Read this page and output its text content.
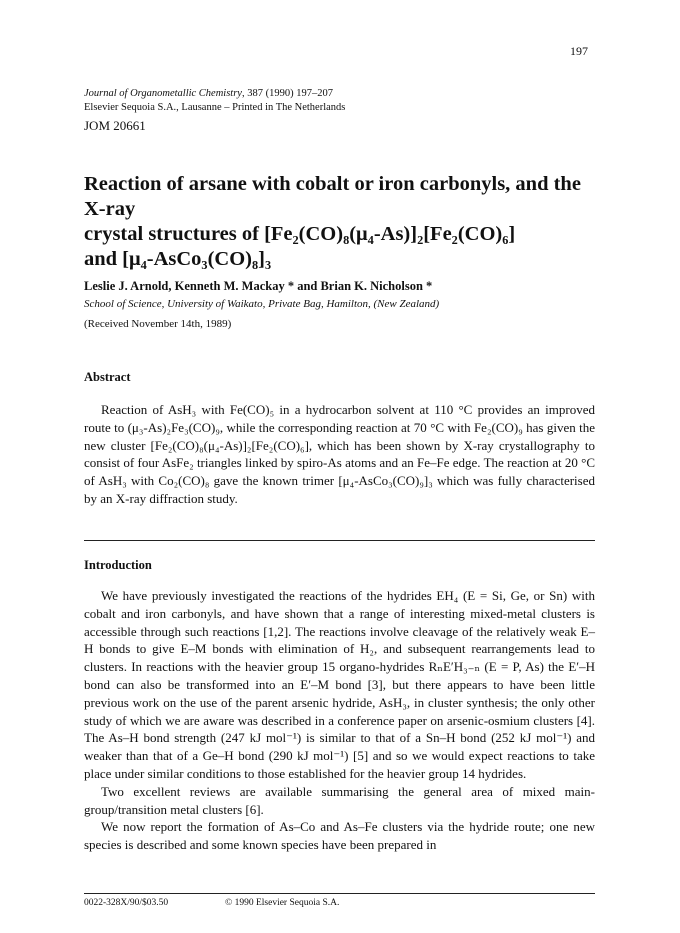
197
Journal of Organometallic Chemistry, 387 (1990) 197–207
Elsevier Sequoia S.A., Lausanne – Printed in The Netherlands
JOM 20661
Reaction of arsane with cobalt or iron carbonyls, and the X-ray
crystal structures of [Fe₂(CO)₈(μ₄-As)]₂[Fe₂(CO)₆]
and [μ₄-AsCo₃(CO)₈]₃
Leslie J. Arnold, Kenneth M. Mackay * and Brian K. Nicholson *
School of Science, University of Waikato, Private Bag, Hamilton, (New Zealand)
(Received November 14th, 1989)
Abstract

Reaction of AsH₃ with Fe(CO)₅ in a hydrocarbon solvent at 110 °C provides an improved route to (μ₃-As)₂Fe₃(CO)₉, while the corresponding reaction at 70 °C with Fe₂(CO)₉ has given the new cluster [Fe₂(CO)₈(μ₄-As)]₂[Fe₂(CO)₆], which has been shown by X-ray crystallography to consist of four AsFe₂ triangles linked by spiro-As atoms and an Fe–Fe edge. The reaction at 20 °C of AsH₃ with Co₂(CO)₈ gave the known trimer [μ₄-AsCo₃(CO)₉]₃ which was fully characterised by an X-ray diffraction study.

Introduction

We have previously investigated the reactions of the hydrides EH₄ (E = Si, Ge, or Sn) with cobalt and iron carbonyls, and have shown that a range of interesting mixed-metal clusters is accessible through such reactions [1,2]. The reactions involve cleavage of the relatively weak E–H bonds to give E–M bonds with elimination of H₂, and subsequent rearrangements lead to clusters. In reactions with the heavier group 15 organo-hydrides RₙE′H₃₋ₙ (E = P, As) the E′–H bond can also be transformed into an E′–M bond [3], but there appears to have been little previous work on the use of the parent arsenic hydride, AsH₃, in cluster synthesis; the only other study of which we are aware was described in a conference paper on arsenic-osmium clusters [4]. The As–H bond strength (247 kJ mol⁻¹) is similar to that of a Sn–H bond (252 kJ mol⁻¹) and weaker than that of a Ge–H bond (290 kJ mol⁻¹) [5] and so we would expect reactions to take place under similar conditions to those established for the heavier group 14 hydrides.

Two excellent reviews are available summarising the general area of mixed main-group/transition metal clusters [6].

We now report the formation of As–Co and As–Fe clusters via the hydride route; one new species is described and some known species have been prepared in

0022-328X/90/$03.50	© 1990 Elsevier Sequoia S.A.
